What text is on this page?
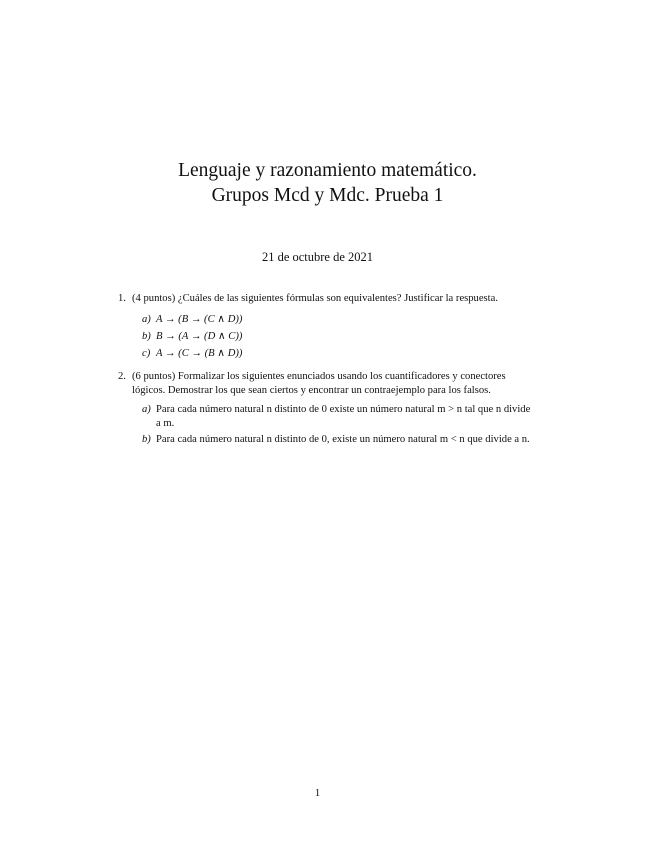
Lenguaje y razonamiento matemático.
Grupos Mcd y Mdc. Prueba 1
21 de octubre de 2021
1. (4 puntos) ¿Cuáles de las siguientes fórmulas son equivalentes? Justificar la respuesta.
a) A → (B → (C ∧ D))
b) B → (A → (D ∧ C))
c) A → (C → (B ∧ D))
2. (6 puntos) Formalizar los siguientes enunciados usando los cuantificadores y conectores lógicos. Demostrar los que sean ciertos y encontrar un contraejemplo para los falsos.
a) Para cada número natural n distinto de 0 existe un número natural m > n tal que n divide a m.
b) Para cada número natural n distinto de 0, existe un número natural m < n que divide a n.
1
